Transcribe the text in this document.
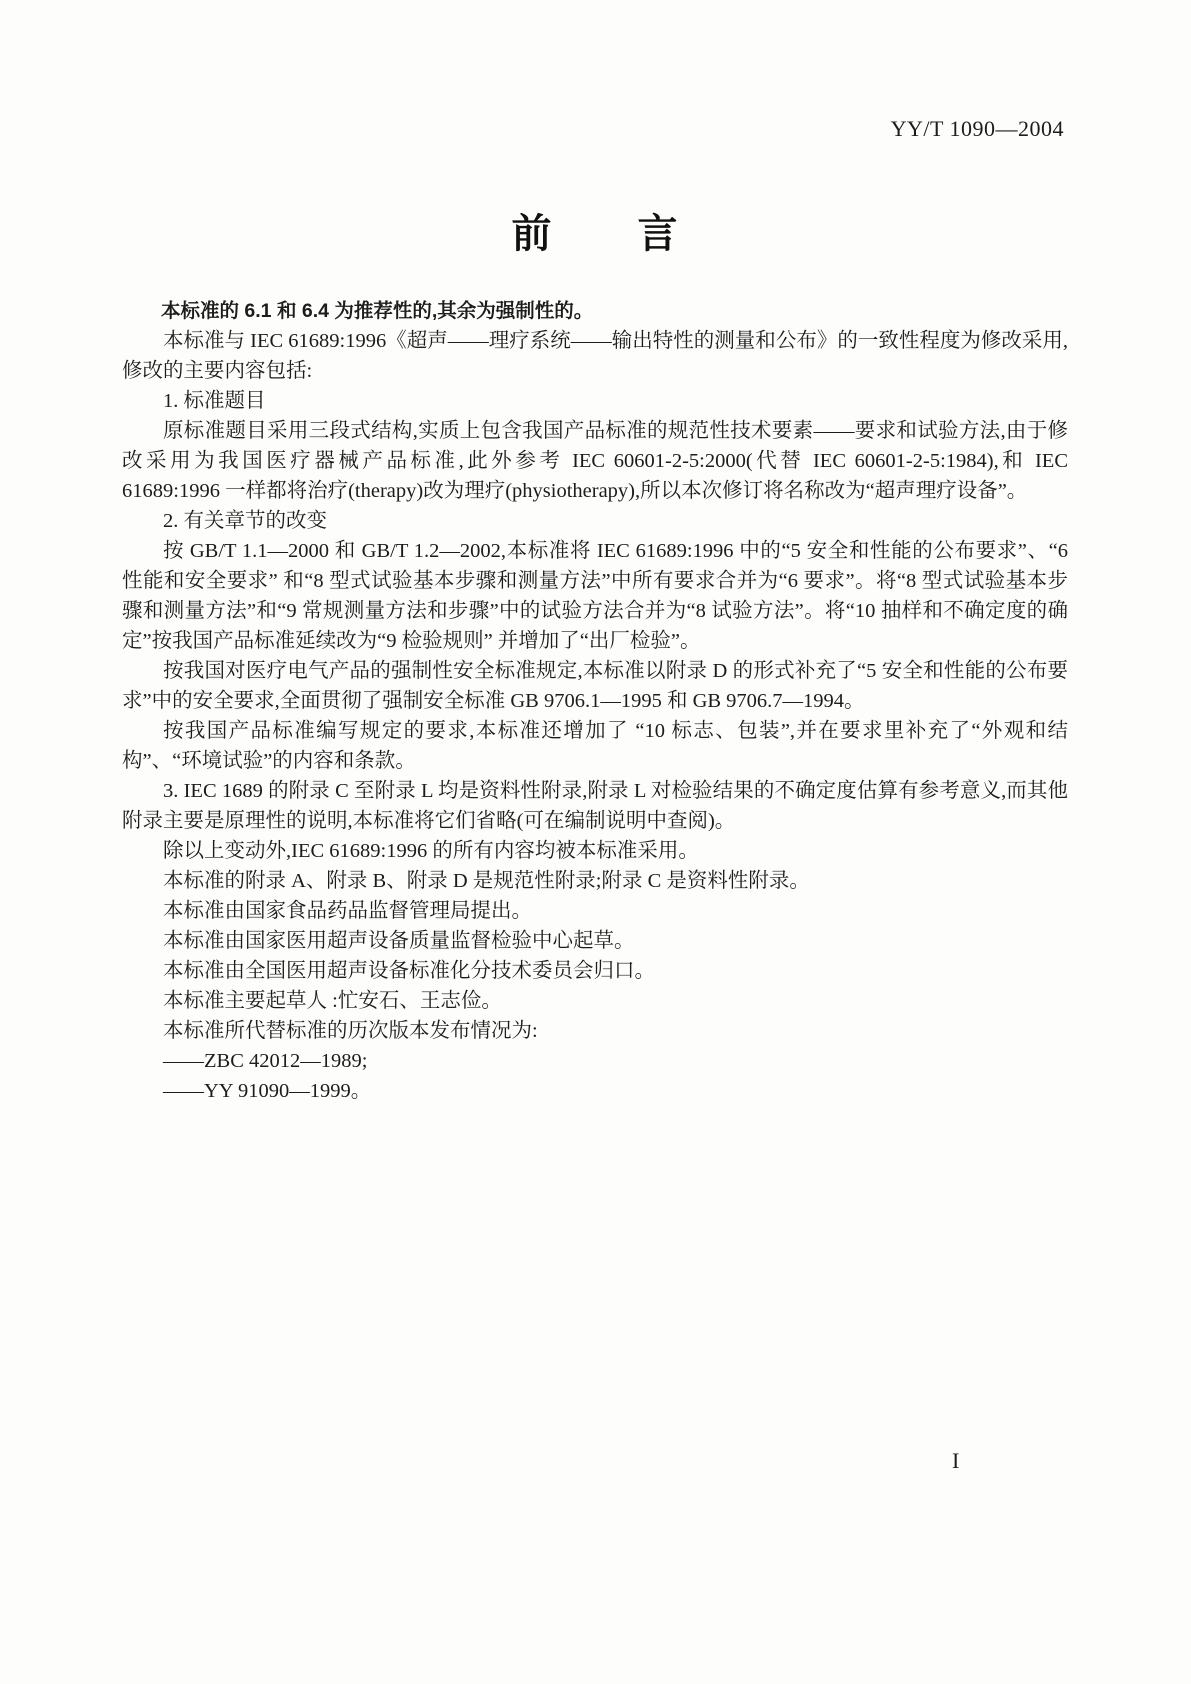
YY/T 1090—2004
前　　言

本标准的 6.1 和 6.4 为推荐性的,其余为强制性的。

本标准与 IEC 61689:1996《超声——理疗系统——输出特性的测量和公布》的一致性程度为修改采用,修改的主要内容包括:

1. 标准题目

原标准题目采用三段式结构,实质上包含我国产品标准的规范性技术要素——要求和试验方法,由于修改采用为我国医疗器械产品标准,此外参考 IEC 60601-2-5:2000(代替 IEC 60601-2-5:1984),和 IEC 61689:1996 一样都将治疗(therapy)改为理疗(physiotherapy),所以本次修订将名称改为“超声理疗设备”。

2. 有关章节的改变

按 GB/T 1.1—2000 和 GB/T 1.2—2002,本标准将 IEC 61689:1996 中的“5 安全和性能的公布要求”、“6 性能和安全要求” 和“8 型式试验基本步骤和测量方法”中所有要求合并为“6 要求”。将“8 型式试验基本步骤和测量方法”和“9 常规测量方法和步骤”中的试验方法合并为“8 试验方法”。将“10 抽样和不确定度的确定”按我国产品标准延续改为“9 检验规则” 并增加了“出厂检验”。

按我国对医疗电气产品的强制性安全标准规定,本标准以附录 D 的形式补充了“5 安全和性能的公布要求”中的安全要求,全面贯彻了强制安全标准 GB 9706.1—1995 和 GB 9706.7—1994。

按我国产品标准编写规定的要求,本标准还增加了 “10 标志、包装”,并在要求里补充了“外观和结构”、“环境试验”的内容和条款。

3. IEC 1689 的附录 C 至附录 L 均是资料性附录,附录 L 对检验结果的不确定度估算有参考意义,而其他附录主要是原理性的说明,本标准将它们省略(可在编制说明中查阅)。

除以上变动外,IEC 61689:1996 的所有内容均被本标准采用。

本标准的附录 A、附录 B、附录 D 是规范性附录;附录 C 是资料性附录。

本标准由国家食品药品监督管理局提出。

本标准由国家医用超声设备质量监督检验中心起草。

本标准由全国医用超声设备标准化分技术委员会归口。

本标准主要起草人 :忙安石、王志俭。

本标准所代替标准的历次版本发布情况为:

——ZBC 42012—1989;

——YY 91090—1999。

I
